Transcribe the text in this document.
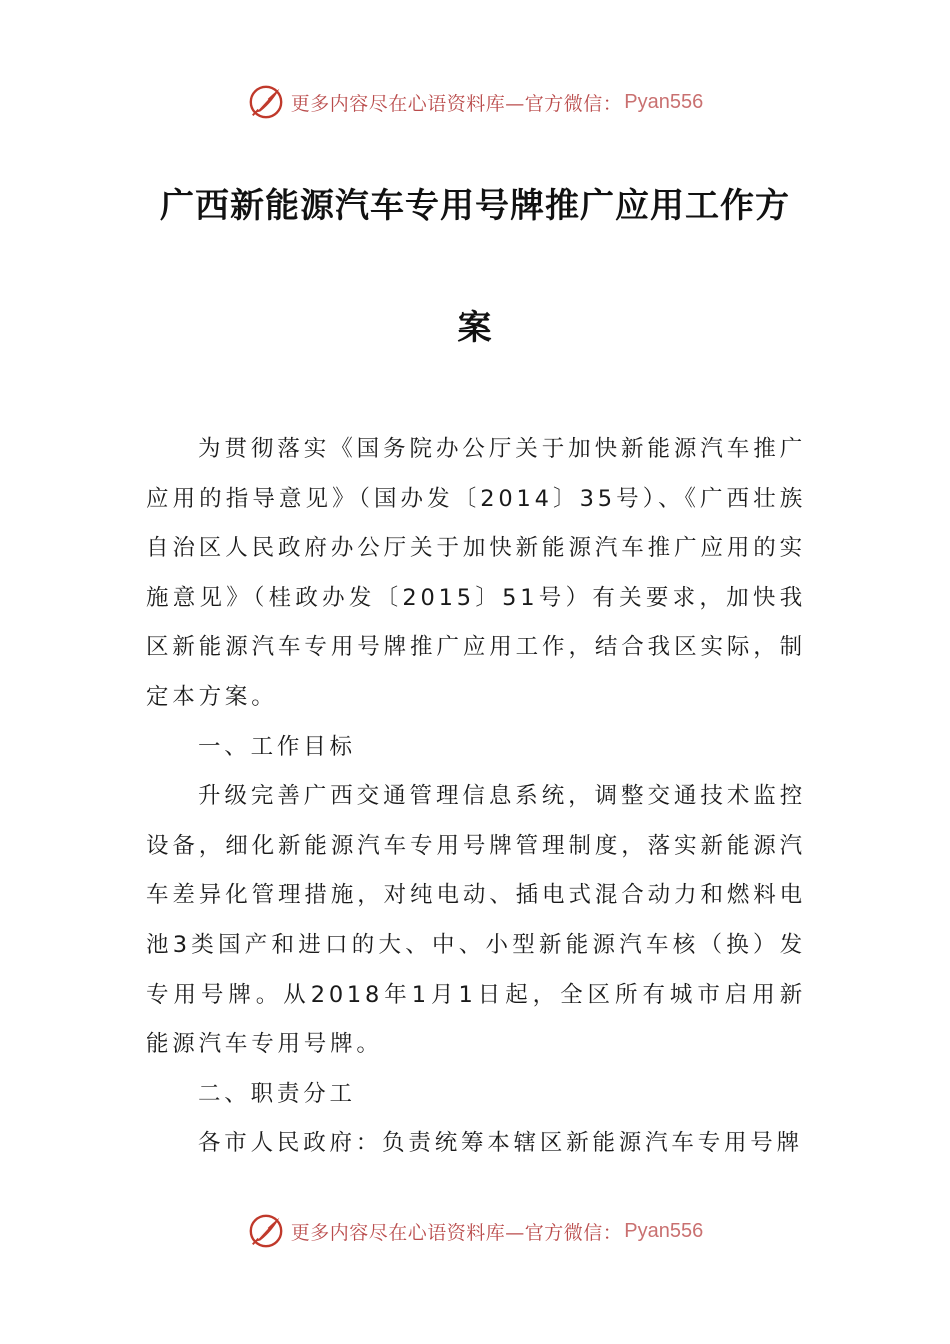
更多内容尽在心语资料库—官方微信： Pyan556
广西新能源汽车专用号牌推广应用工作方
案

为贯彻落实《国务院办公厅关于加快新能源汽车推广应用的指导意见》（国办发〔2014〕35号）、《广西壮族自治区人民政府办公厅关于加快新能源汽车推广应用的实施意见》（桂政办发〔2015〕51号）有关要求，加快我区新能源汽车专用号牌推广应用工作，结合我区实际，制定本方案。

一、工作目标

升级完善广西交通管理信息系统，调整交通技术监控设备，细化新能源汽车专用号牌管理制度，落实新能源汽车差异化管理措施，对纯电动、插电式混合动力和燃料电池3类国产和进口的大、中、小型新能源汽车核（换）发专用号牌。从2018年1月1日起，全区所有城市启用新能源汽车专用号牌。

二、职责分工

各市人民政府：负责统筹本辖区新能源汽车专用号牌

更多内容尽在心语资料库—官方微信： Pyan556
